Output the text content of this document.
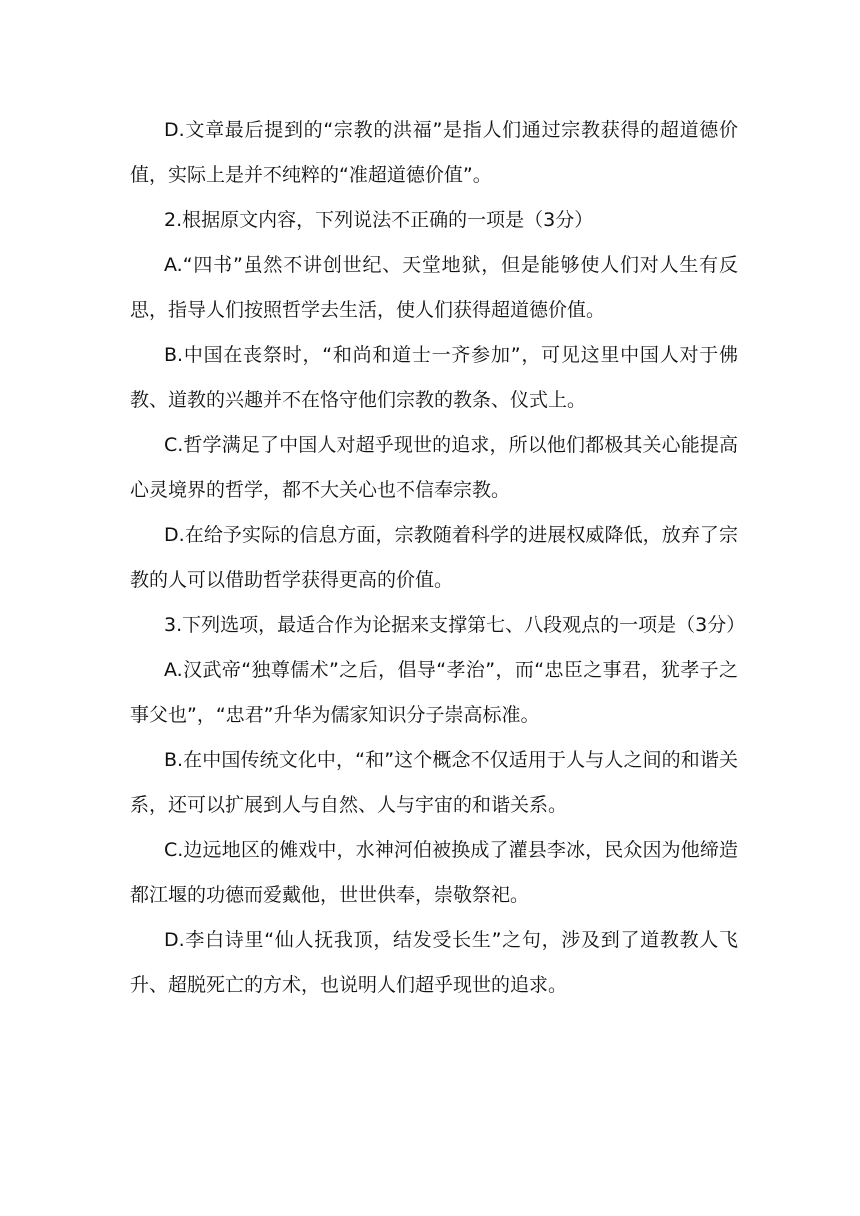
D.文章最后提到的“宗教的洪福”是指人们通过宗教获得的超道德价值，实际上是并不纯粹的“准超道德价值”。

2.根据原文内容，下列说法不正确的一项是（3分）

A.“四书”虽然不讲创世纪、天堂地狱，但是能够使人们对人生有反思，指导人们按照哲学去生活，使人们获得超道德价值。

B.中国在丧祭时，“和尚和道士一齐参加”，可见这里中国人对于佛教、道教的兴趣并不在恪守他们宗教的教条、仪式上。

C.哲学满足了中国人对超乎现世的追求，所以他们都极其关心能提高心灵境界的哲学，都不大关心也不信奉宗教。

D.在给予实际的信息方面，宗教随着科学的进展权威降低，放弃了宗教的人可以借助哲学获得更高的价值。

3.下列选项，最适合作为论据来支撑第七、八段观点的一项是（3分）

A.汉武帝“独尊儒术”之后，倡导“孝治”，而“忠臣之事君，犹孝子之事父也”，“忠君”升华为儒家知识分子崇高标准。

B.在中国传统文化中，“和”这个概念不仅适用于人与人之间的和谐关系，还可以扩展到人与自然、人与宇宙的和谐关系。

C.边远地区的傩戏中，水神河伯被换成了灌县李冰，民众因为他缔造都江堰的功德而爱戴他，世世供奉，崇敬祭祀。

D.李白诗里“仙人抚我顶，结发受长生”之句，涉及到了道教教人飞升、超脱死亡的方术，也说明人们超乎现世的追求。
